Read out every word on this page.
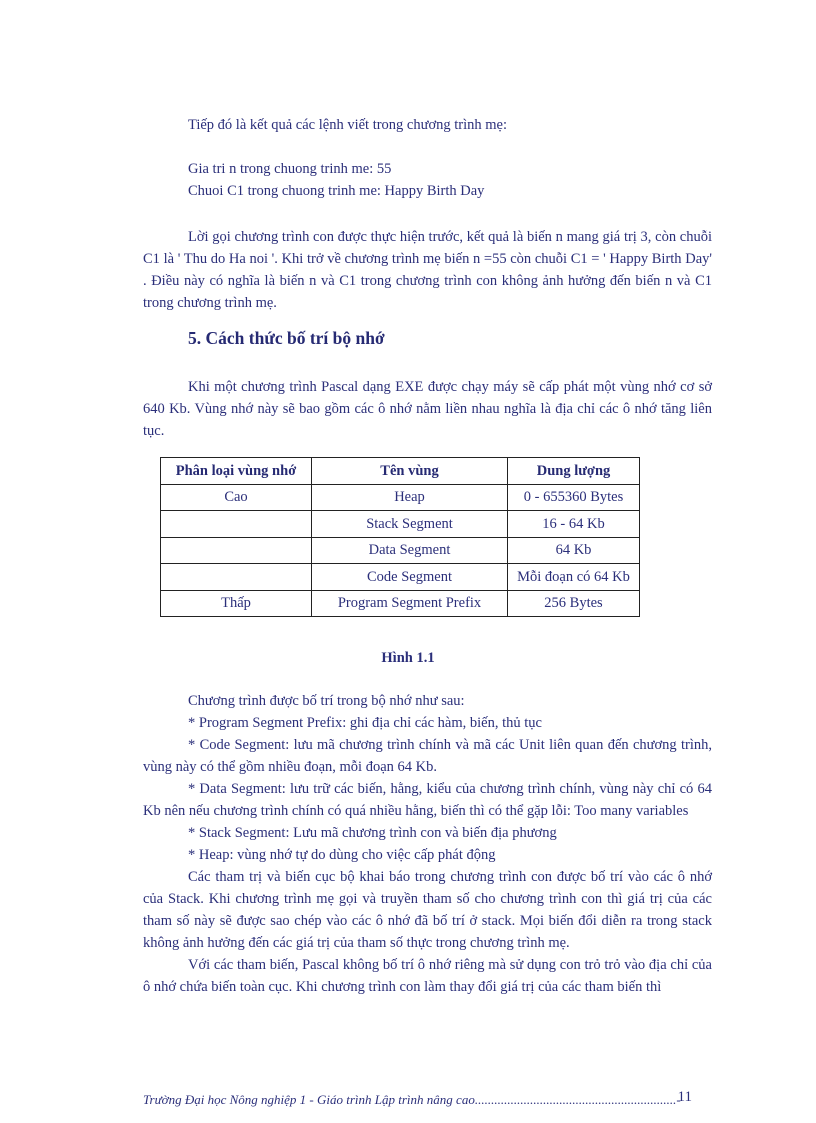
Tiếp đó là kết quả các lệnh viết trong chương trình mẹ:
Gia tri n trong chuong trinh me: 55
Chuoi C1 trong chuong trinh me: Happy Birth Day

Lời gọi chương trình con được thực hiện trước, kết quả là biến n mang giá trị 3, còn chuỗi C1 là ' Thu do Ha noi '. Khi trở về chương trình mẹ biến n =55 còn chuỗi C1 = ' Happy Birth Day' . Điều này có nghĩa là biến n và C1 trong chương trình con không ảnh hưởng đến biến n và C1 trong chương trình mẹ.

5. Cách thức bố trí bộ nhớ

Khi một chương trình Pascal dạng EXE được chạy máy sẽ cấp phát một vùng nhớ cơ sở 640 Kb. Vùng nhớ này sẽ bao gồm các ô nhớ nằm liền nhau nghĩa là địa chỉ các ô nhớ tăng liên tục.

Phân loại vùng nhớ	Tên vùng	Dung lượng
Cao	Heap	0 - 655360 Bytes
	Stack Segment	16 - 64 Kb
	Data Segment	64 Kb
	Code Segment	Mỗi đoạn có 64 Kb
Thấp	Program Segment Prefix	256 Bytes
Hình 1.1

Chương trình được bố trí trong bộ nhớ như sau:

* Program Segment Prefix: ghi địa chỉ các hàm, biến, thủ tục

* Code Segment: lưu mã chương trình chính và mã các Unit liên quan đến chương trình, vùng này có thể gồm nhiều đoạn, mỗi đoạn 64 Kb.

* Data Segment: lưu trữ các biến, hằng, kiểu của chương trình chính, vùng này chỉ có 64 Kb nên nếu chương trình chính có quá nhiều hằng, biến thì có thể gặp lỗi: Too many variables

* Stack Segment: Lưu mã chương trình con và biến địa phương

* Heap: vùng nhớ tự do dùng cho việc cấp phát động

Các tham trị và biến cục bộ khai báo trong chương trình con được bố trí vào các ô nhớ của Stack. Khi chương trình mẹ gọi và truyền tham số cho chương trình con thì giá trị của các tham số này sẽ được sao chép vào các ô nhớ đã bố trí ở stack. Mọi biến đổi diễn ra trong stack không ảnh hưởng đến các giá trị của tham số thực trong chương trình mẹ.

Với các tham biến, Pascal không bố trí ô nhớ riêng mà sử dụng con trỏ trỏ vào địa chỉ của ô nhớ chứa biến toàn cục. Khi chương trình con làm thay đổi giá trị của các tham biến thì

Trường Đại học Nông nghiệp 1 - Giáo trình Lập trình nâng cao..............................................................-
11
